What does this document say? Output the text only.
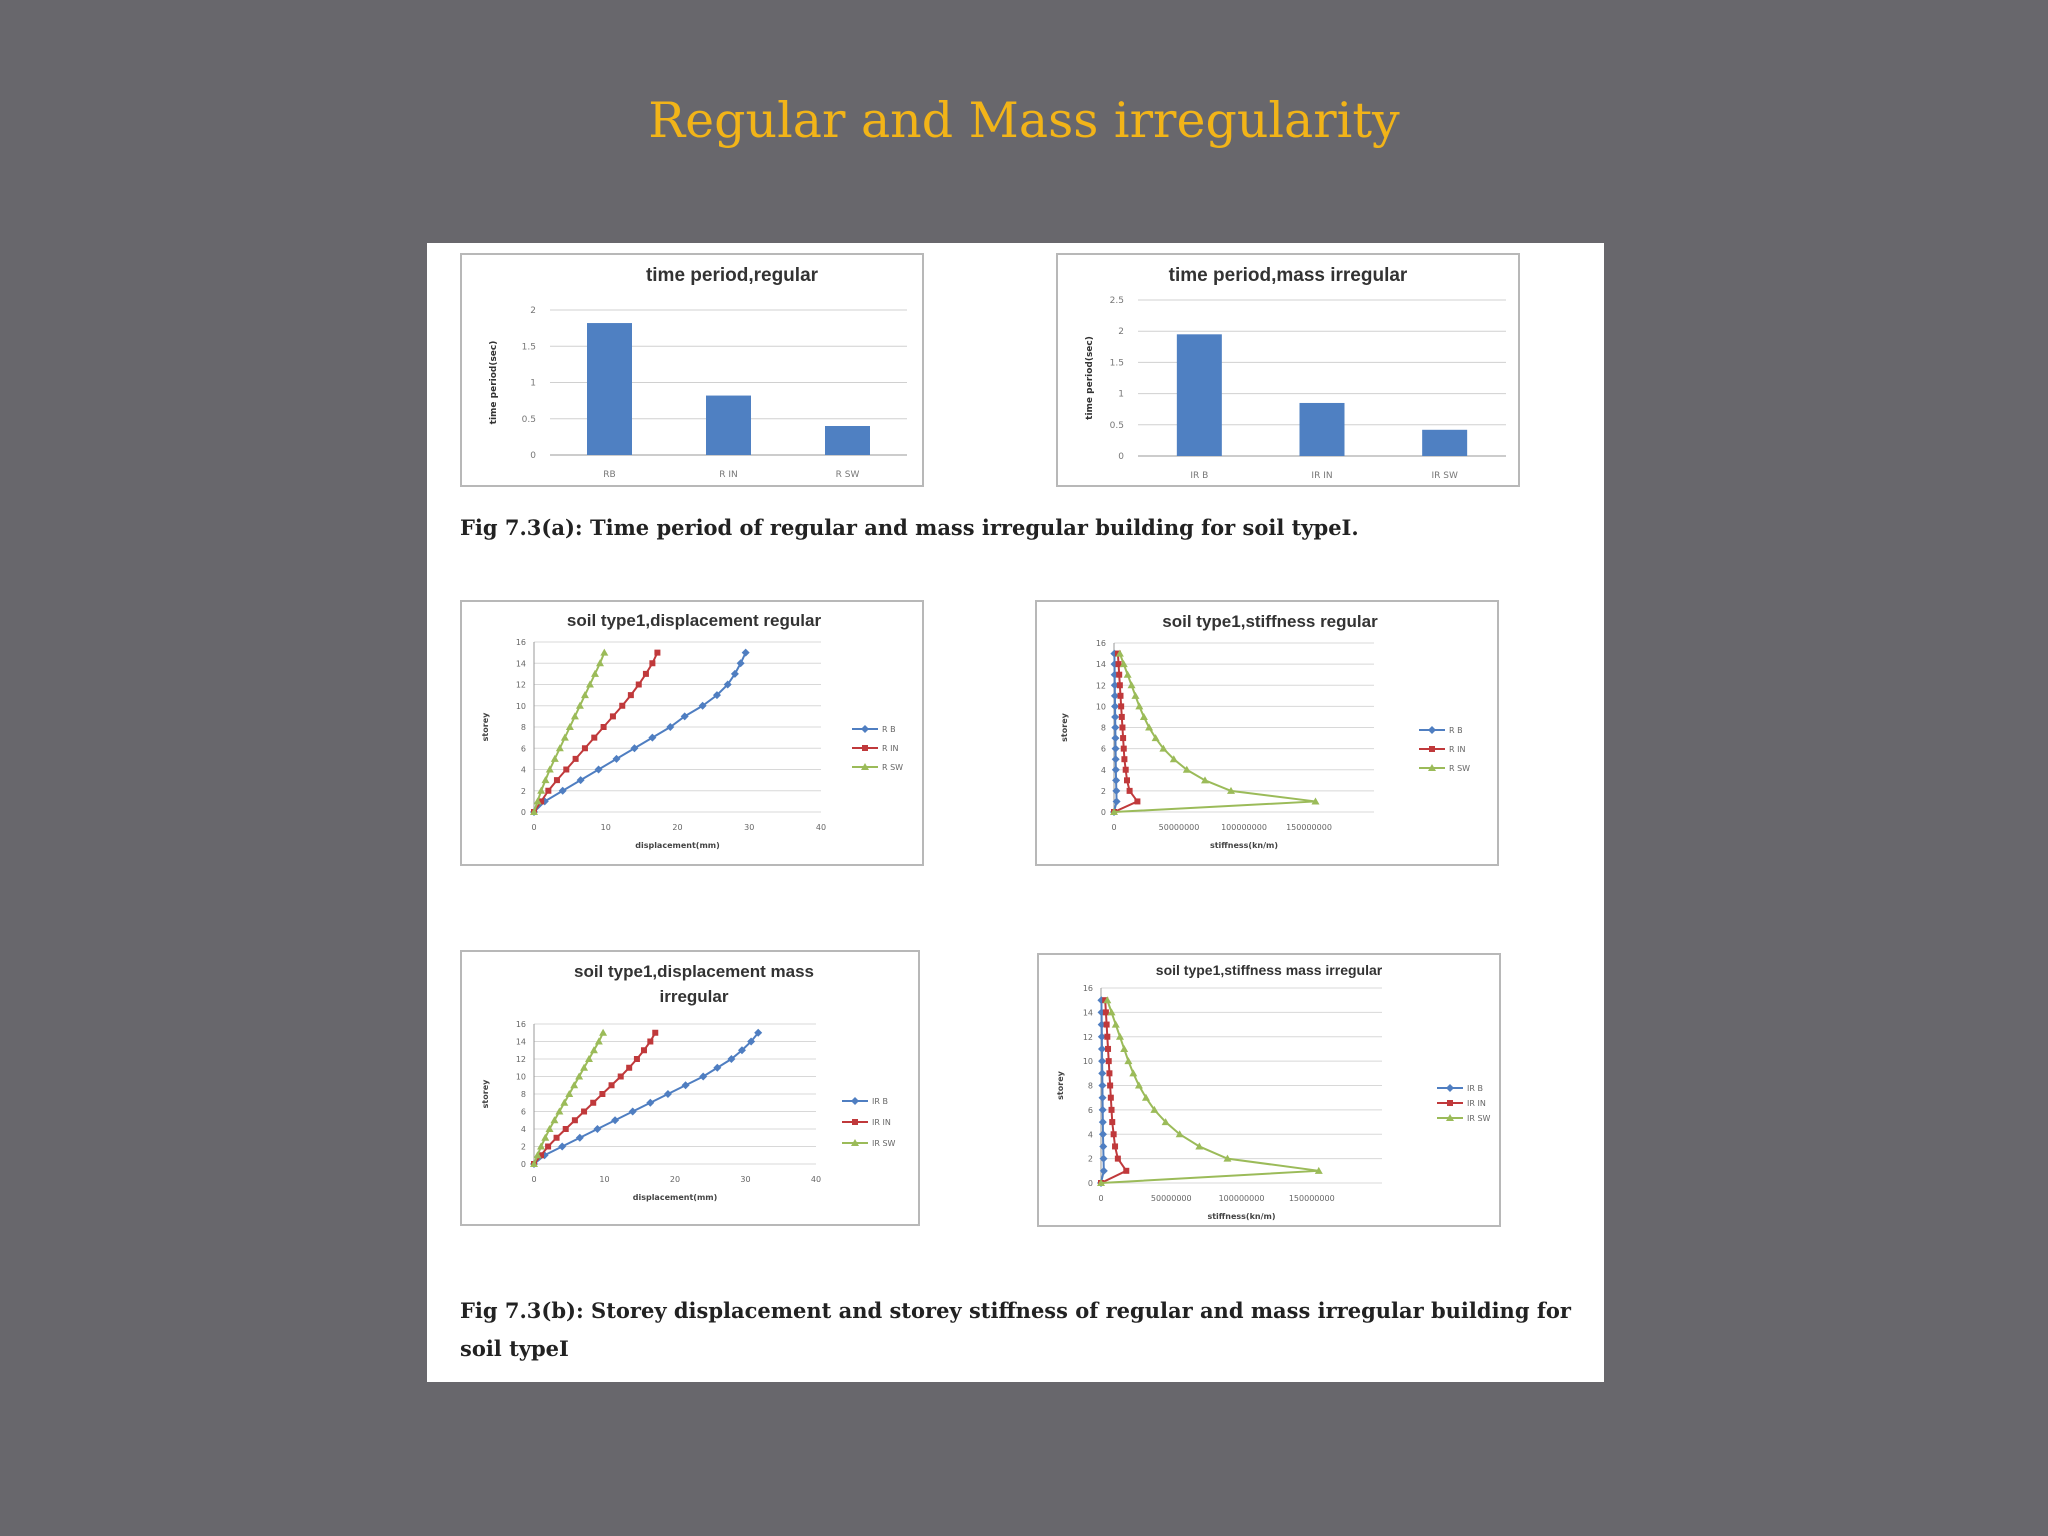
Regular and Mass irregularity
time period,regular
0
0.5
1
1.5
2
time period(sec)
RB	R IN	R SW
time period,mass irregular
0
0.5
1
1.5
2
2.5
time period(sec)
IR B	IR IN	IR SW
Fig 7.3(a): Time period of regular and mass irregular building for soil typeI.
soil type1,displacement regular
0
2
4
6
8
10
12
14
16
0	10	20	30	40
displacement(mm)
storey	R B
R IN
R SW
soil type1,stiffness regular
0
2
4
6
8
10
12
14
16
0	50000000	100000000 150000000
stiffness(kn/m)
storey	R B
R IN
R SW
soil type1,displacement mass
irregular
0
2
4
6
8
10
12
14
16
0	10	20	30	40
displacement(mm)
storey	IR B
IR IN
IR SW
soil type1,stiffness mass irregular
0
2
4
6
8
10
12
14
16
0	50000000	100000000	150000000
stiffness(kn/m)
storey	IR B
IR IN
IR SW
Fig 7.3(b): Storey displacement and storey stiffness of regular and mass irregular building for soil typeI
